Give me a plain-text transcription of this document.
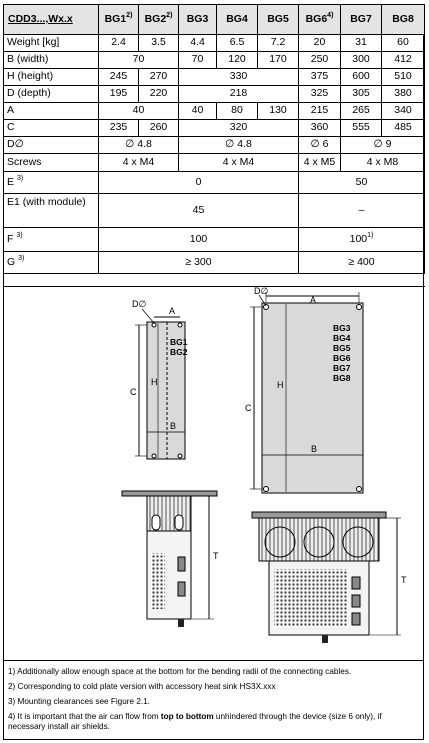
CDD3...,Wx.x	BG1$^{2)}$	BG2$^{2)}$	BG3	BG4	BG5	BG6$^{4)}$	BG7	BG8
Weight [kg]	2.4	3.5	4.4	6.5	7.2	20	31	60
B (width)	70		70	120	170	250	300	412
H (height)	245	270	330			375	600	510
D (depth)	195	220	218			325	305	380
A	40		40	80	130	215	265	340
C	235	260	320			360	555	485
D∅	∅ 4.8		∅ 4.8			∅ 6	∅ 9	
Screws	4 x M4		4 x M4			4 x M5	4 x M8	
E $^{3)}$	0					50		
E1 (with module)	45					–		
F $^{3)}$	100					100$^{1)}$
G $^{3)}$	≥ 300					≥ 400		
A
D∅
C
H
B
BG1
BG2
T
A
D∅
C
H
B
BG3
BG4
BG5
BG6
BG7
BG8
T
1) Additionally allow enough space at the bottom for the bending radii of the connecting cables.
2) Corresponding to cold plate version with accessory heat sink HS3X.xxx
3) Mounting clearances see Figure 2.1.
4) It is important that the air can flow from top to bottom unhindered through the device (size 6 only), if necessary install air shields.
